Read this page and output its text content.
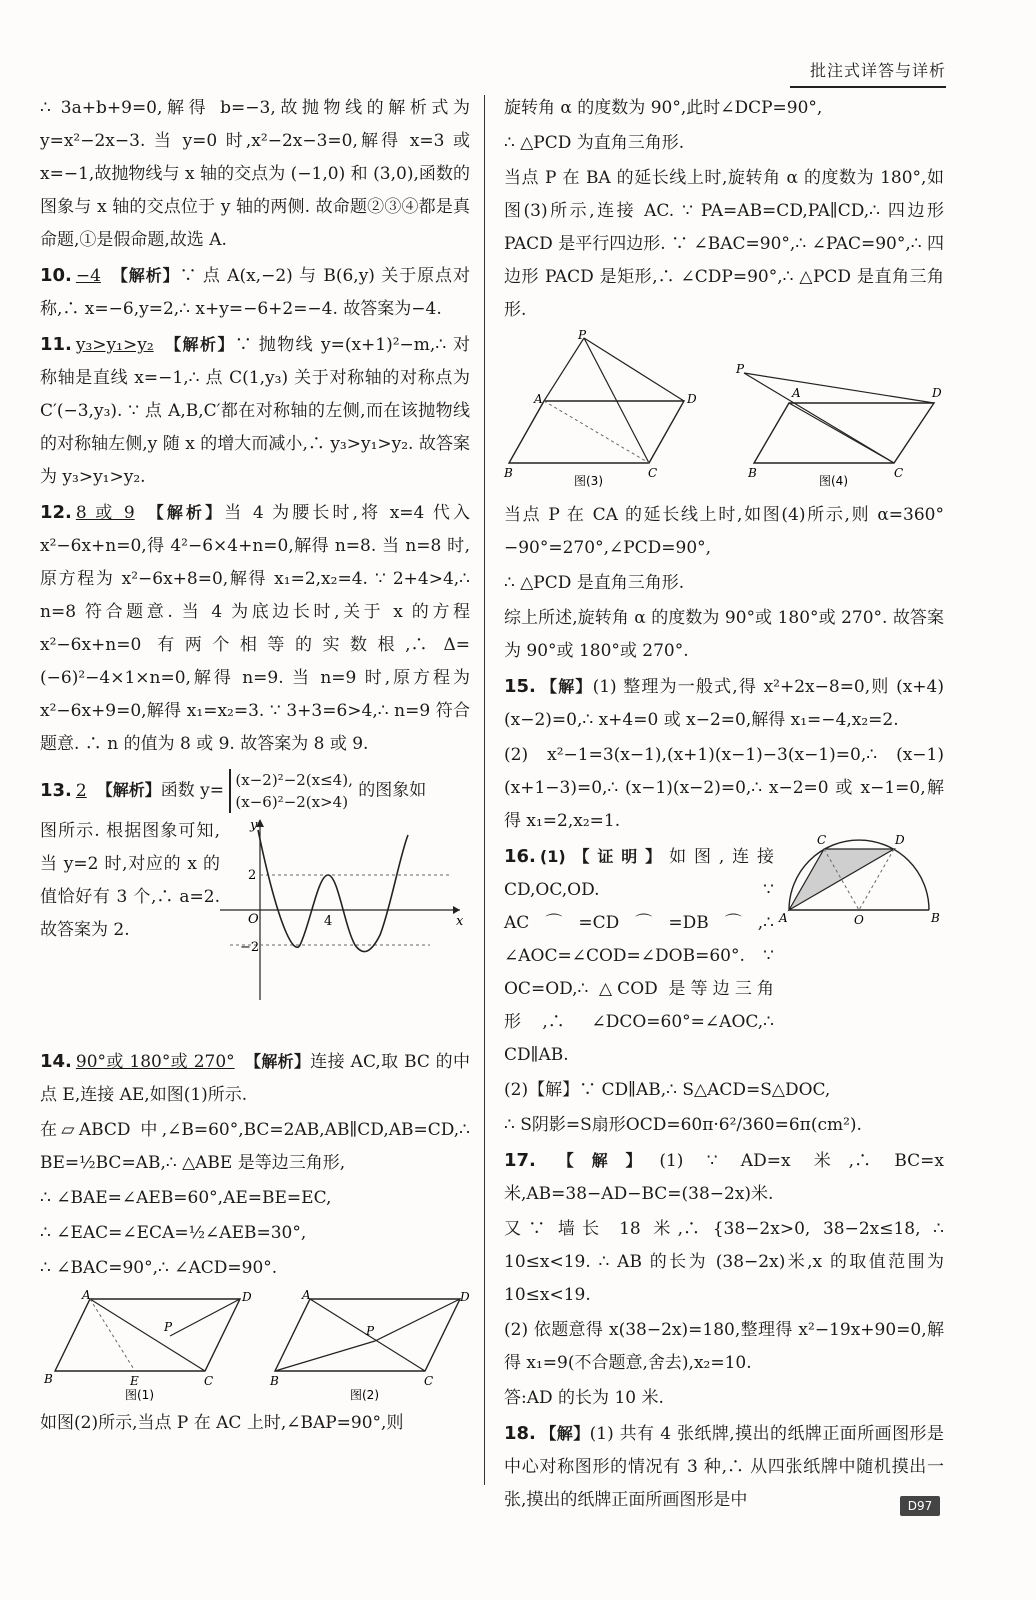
批注式详答与详析

∴ 3a+b+9=0,解得 b=−3,故抛物线的解析式为 y=x²−2x−3. 当 y=0 时,x²−2x−3=0,解得 x=3 或 x=−1,故抛物线与 x 轴的交点为 (−1,0) 和 (3,0),函数的图象与 x 轴的交点位于 y 轴的两侧. 故命题②③④都是真命题,①是假命题,故选 A.

10. −4 【解析】∵ 点 A(x,−2) 与 B(6,y) 关于原点对称,∴ x=−6,y=2,∴ x+y=−6+2=−4. 故答案为−4.

11. y₃>y₁>y₂ 【解析】∵ 抛物线 y=(x+1)²−m,∴ 对称轴是直线 x=−1,∴ 点 C(1,y₃) 关于对称轴的对称点为 C′(−3,y₃). ∵ 点 A,B,C′都在对称轴的左侧,而在该抛物线的对称轴左侧,y 随 x 的增大而减小,∴ y₃>y₁>y₂. 故答案为 y₃>y₁>y₂.

12. 8 或 9 【解析】当 4 为腰长时,将 x=4 代入 x²−6x+n=0,得 4²−6×4+n=0,解得 n=8. 当 n=8 时,原方程为 x²−6x+8=0,解得 x₁=2,x₂=4. ∵ 2+4>4,∴ n=8 符合题意. 当 4 为底边长时,关于 x 的方程 x²−6x+n=0 有两个相等的实数根,∴ Δ=(−6)²−4×1×n=0,解得 n=9. 当 n=9 时,原方程为 x²−6x+9=0,解得 x₁=x₂=3. ∵ 3+3=6>4,∴ n=9 符合题意. ∴ n 的值为 8 或 9. 故答案为 8 或 9.

13. 2 【解析】函数 y=
(x−2)²−2(x≤4),
(x−6)²−2(x>4)
的图象如

图所示. 根据图象可知,当 y=2 时,对应的 x 的值恰好有 3 个,∴ a=2. 故答案为 2.

y
x
O
2
4
−2

14. 90°或 180°或 270° 【解析】连接 AC,取 BC 的中点 E,连接 AE,如图(1)所示.

在▱ABCD 中,∠B=60°,BC=2AB,AB∥CD,AB=CD,∴ BE=½BC=AB,∴ △ABE 是等边三角形,

∴ ∠BAE=∠AEB=60°,AE=BE=EC,

∴ ∠EAC=∠ECA=½∠AEB=30°,

∴ ∠BAC=90°,∴ ∠ACD=90°.

A	D
B	E	C
P
图(1)
A	D
B	C
P
图(2)

如图(2)所示,当点 P 在 AC 上时,∠BAP=90°,则

旋转角 α 的度数为 90°,此时∠DCP=90°,

∴ △PCD 为直角三角形.

当点 P 在 BA 的延长线上时,旋转角 α 的度数为 180°,如图(3)所示,连接 AC. ∵ PA=AB=CD,PA∥CD,∴ 四边形 PACD 是平行四边形. ∵ ∠BAC=90°,∴ ∠PAC=90°,∴ 四边形 PACD 是矩形,∴ ∠CDP=90°,∴ △PCD 是直角三角形.

P
A	D
B	C
图(3)
P
A	D
B	C
图(4)

当点 P 在 CA 的延长线上时,如图(4)所示,则 α=360°−90°=270°,∠PCD=90°,

∴ △PCD 是直角三角形.

综上所述,旋转角 α 的度数为 90°或 180°或 270°. 故答案为 90°或 180°或 270°.

15. 【解】(1) 整理为一般式,得 x²+2x−8=0,则 (x+4)(x−2)=0,∴ x+4=0 或 x−2=0,解得 x₁=−4,x₂=2.

(2) x²−1=3(x−1),(x+1)(x−1)−3(x−1)=0,∴ (x−1)(x+1−3)=0,∴ (x−1)(x−2)=0,∴ x−2=0 或 x−1=0,解得 x₁=2,x₂=1.

16. (1)【证明】如图,连接 CD,OC,OD. ∵ AC⌒=CD⌒=DB⌒,∴ ∠AOC=∠COD=∠DOB=60°. ∵ OC=OD,∴ △COD 是等边三角形,∴ ∠DCO=60°=∠AOC,∴ CD∥AB.

C	D
A	O	B

(2)【解】∵ CD∥AB,∴ S△ACD=S△DOC,

∴ S阴影=S扇形OCD=60π·6²/360=6π(cm²).

17. 【解】(1) ∵ AD=x 米,∴ BC=x 米,AB=38−AD−BC=(38−2x)米.

又∵ 墙长 18 米,∴ {38−2x>0, 38−2x≤18, ∴ 10≤x<19. ∴ AB 的长为 (38−2x)米,x 的取值范围为 10≤x<19.

(2) 依题意得 x(38−2x)=180,整理得 x²−19x+90=0,解得 x₁=9(不合题意,舍去),x₂=10.

答:AD 的长为 10 米.

18. 【解】(1) 共有 4 张纸牌,摸出的纸牌正面所画图形是中心对称图形的情况有 3 种,∴ 从四张纸牌中随机摸出一张,摸出的纸牌正面所画图形是中	D97
